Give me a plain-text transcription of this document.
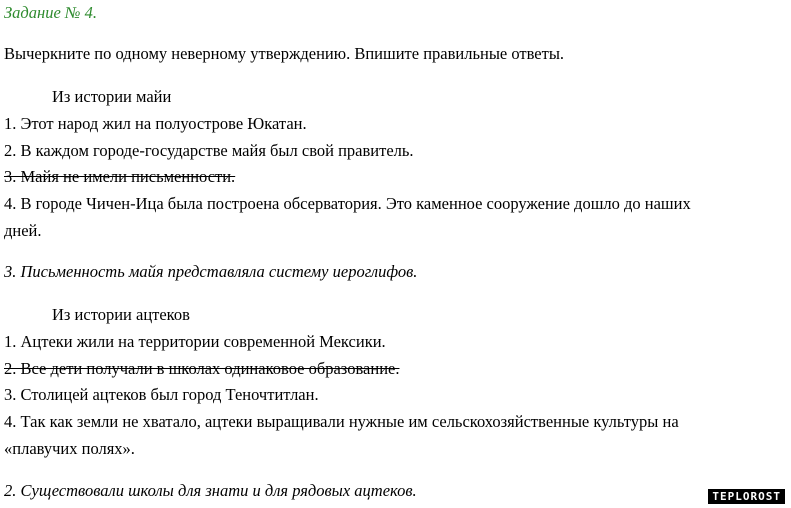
Задание № 4.
Вычеркните по одному неверному утверждению. Впишите правильные ответы.
Из истории майи
1. Этот народ жил на полуострове Юкатан.
2. В каждом городе-государстве майя был свой правитель.
3. Майя не имели письменности.
4. В городе Чичен-Ица была построена обсерватория. Это каменное сооружение дошло до наших
дней.
3. Письменность майя представляла систему иероглифов.
Из истории ацтеков
1. Ацтеки жили на территории современной Мексики.
2. Все дети получали в школах одинаковое образование.
3. Столицей ацтеков был город Теночтитлан.
4. Так как земли не хватало, ацтеки выращивали нужные им сельскохозяйственные культуры на
«плавучих полях».
2. Существовали школы для знати и для рядовых ацтеков.	TEPLOROST
